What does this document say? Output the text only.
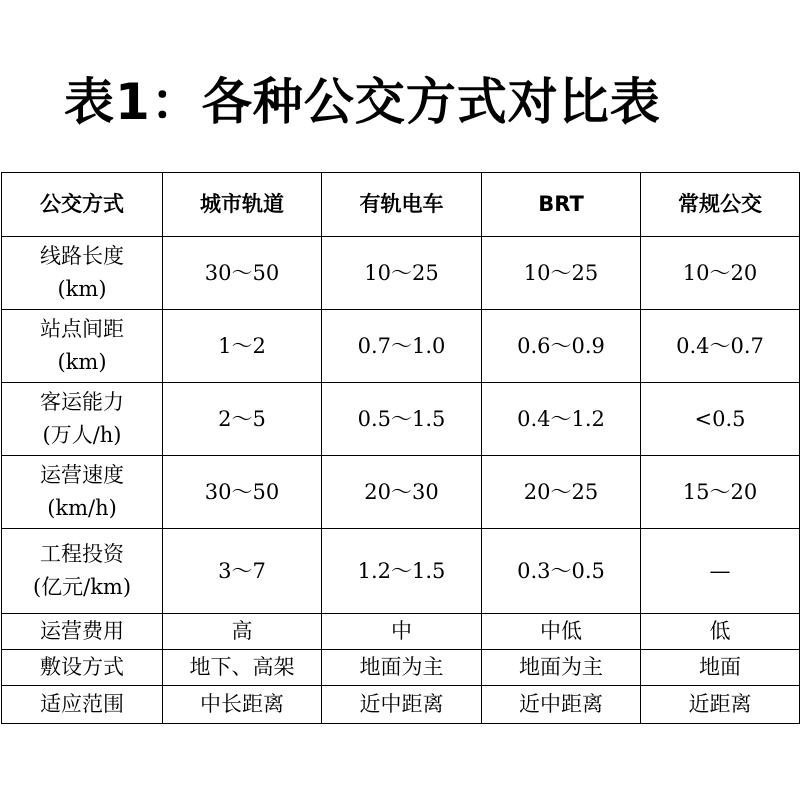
表1：各种公交方式对比表
公交方式	城市轨道	有轨电车	BRT	常规公交

线路长度
(km)	30～50	10～25	10～25	10～20

站点间距
(km)	1～2	0.7～1.0	0.6～0.9	0.4～0.7

客运能力
(万人/h)	2～5	0.5～1.5	0.4～1.2	<0.5

运营速度
(km/h)	30～50	20～30	20～25	15～20

工程投资
(亿元/km)	3～7	1.2～1.5	0.3～0.5	—
运营费用	高	中	中低	低
敷设方式	地下、高架	地面为主	地面为主	地面
适应范围	中长距离	近中距离	近中距离	近距离
